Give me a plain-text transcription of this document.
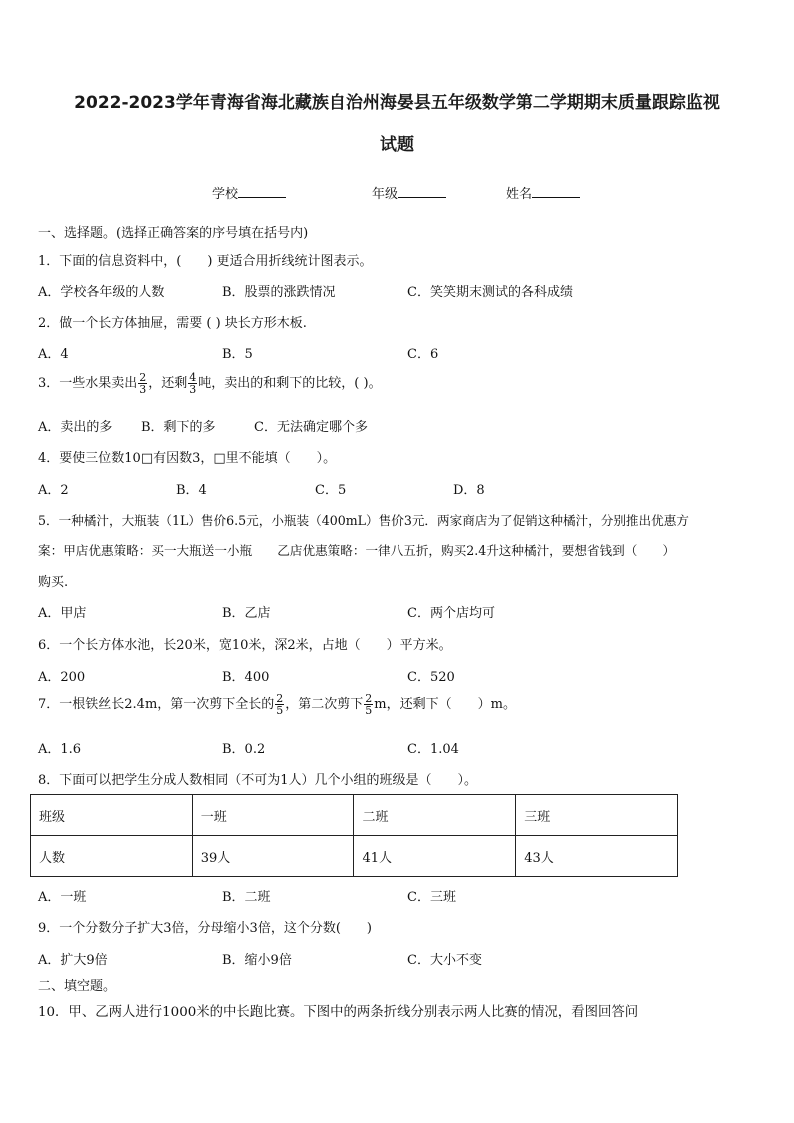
2022-2023学年青海省海北藏族自治州海晏县五年级数学第二学期期末质量跟踪监视
试题
学校	年级	姓名
一、选择题。(选择正确答案的序号填在括号内)
1．下面的信息资料中，(　　) 更适合用折线统计图表示。
A．学校各年级的人数	B．股票的涨跌情况	C．笑笑期末测试的各科成绩
2．做一个长方体抽屉，需要 ( ) 块长方形木板.
A．4	B．5	C．6
3．一些水果卖出 $\frac{2}{3}$ ，还剩 $\frac{4}{3}$ 吨，卖出的和剩下的比较，( )。
A．卖出的多 B．剩下的多	C．无法确定哪个多
4．要使三位数10□有因数3，□里不能填（　　）。
A．2	B．4	C．5	D．8
5．一种橘汁，大瓶装（1L）售价6.5元，小瓶装（400mL）售价3元．两家商店为了促销这种橘汁，分别推出优惠方
案：甲店优惠策略：买一大瓶送一小瓶　　乙店优惠策略：一律八五折，购买2.4升这种橘汁，要想省钱到（　　）
购买.
A．甲店	B．乙店	C．两个店均可
6．一个长方体水池，长20米，宽10米，深2米，占地（　　）平方米。
A．200	B．400	C．520
7．一根铁丝长2.4m，第一次剪下全长的 $\frac{2}{5}$ ，第二次剪下 $\frac{2}{5}$ m，还剩下（　　）m。
A．1.6	B．0.2	C．1.04
8．下面可以把学生分成人数相同（不可为1人）几个小组的班级是（　　）。
班级	一班	二班	三班
人数	39人	41人	43人
A．一班	B．二班	C．三班
9．一个分数分子扩大3倍，分母缩小3倍，这个分数(　　)
A．扩大9倍	B．缩小9倍	C．大小不变
二、填空题。
10．甲、乙两人进行1000米的中长跑比赛。下图中的两条折线分别表示两人比赛的情况，看图回答问
